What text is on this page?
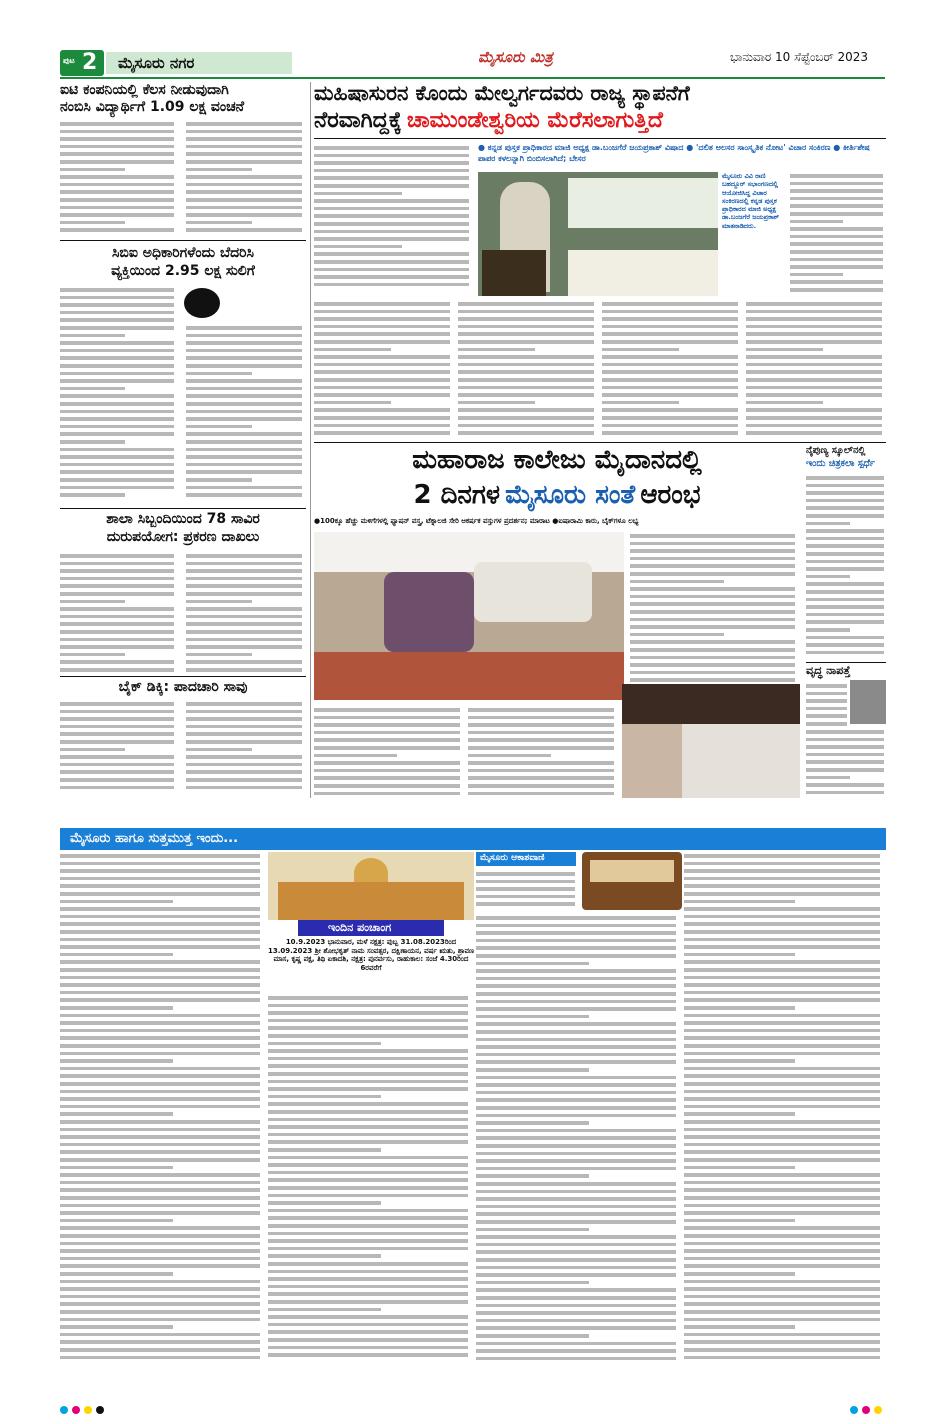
ಪುಟ 2 ಮೈಸೂರು ನಗರ	ಮೈಸೂರು ಮಿತ್ರ	ಭಾನುವಾರ 10 ಸೆಪ್ಟೆಂಬರ್ 2023
ಐಟಿ ಕಂಪನಿಯಲ್ಲಿ ಕೆಲಸ ನೀಡುವುದಾಗಿ
ನಂಬಿಸಿ ವಿದ್ಯಾರ್ಥಿಗೆ 1.09 ಲಕ್ಷ ವಂಚನೆ
ಸಿಬಿಐ ಅಧಿಕಾರಿಗಳೆಂದು ಬೆದರಿಸಿ
ವ್ಯಕ್ತಿಯಿಂದ 2.95 ಲಕ್ಷ ಸುಲಿಗೆ
ಶಾಲಾ ಸಿಬ್ಬಂದಿಯಿಂದ 78 ಸಾವಿರ
ದುರುಪಯೋಗ: ಪ್ರಕರಣ ದಾಖಲು
ಬೈಕ್ ಡಿಕ್ಕಿ: ಪಾದಚಾರಿ ಸಾವು
ಮಹಿಷಾಸುರನ ಕೊಂದು ಮೇಲ್ವರ್ಗದವರು ರಾಜ್ಯ ಸ್ಥಾಪನೆಗೆ
ನೆರವಾಗಿದ್ದಕ್ಕೆ ಚಾಮುಂಡೇಶ್ವರಿಯ ಮೆರೆಸಲಾಗುತ್ತಿದೆ
● ಕನ್ನಡ ಪುಸ್ತಕ ಪ್ರಾಧಿಕಾರದ ಮಾಜಿ ಅಧ್ಯಕ್ಷ ಡಾ.ಬಂಜಗೆರೆ ಜಯಪ್ರಕಾಶ್ ವಿಷಾದ ● 'ದಲಿತ ಅಲಸರ ಸಾಂಸ್ಕೃತಿಕ ನೋಟ' ವಿಚಾರ ಸಂಕಿರಣ ● ಕೀರ್ತಿಶೇಷ ಪಾಪರ ಕಳಲನ್ನಾಗಿ ಬಿಂಬಿಸಲಾಗಿದೆ; ಬೇಸರ
ಮೈಸೂರು ವಿವಿ ರಾಣಿ ಬಹದ್ದೂರ್ ಸಭಾಂಗಣದಲ್ಲಿ ಆಯೋಜಿಸಿದ್ದ ವಿಚಾರ ಸಂಕಿರಣದಲ್ಲಿ ಕನ್ನಡ ಪುಸ್ತಕ ಪ್ರಾಧಿಕಾರದ ಮಾಜಿ ಅಧ್ಯಕ್ಷ ಡಾ.ಬಂಜಗೆರೆ ಜಯಪ್ರಕಾಶ್ ಮಾತನಾಡಿದರು.
ಮಹಾರಾಜ ಕಾಲೇಜು ಮೈದಾನದಲ್ಲಿ
2 ದಿನಗಳ ಮೈಸೂರು ಸಂತೆ ಆರಂಭ
●100ಕ್ಕೂ ಹೆಚ್ಚು ಮಳಿಗೆಗಳಲ್ಲಿ ಫ್ಯಾಷನ್ ವಸ್ತ್ರ, ಟೆಕ್ನಾಲಜಿ ಸೇರಿ ಆಕರ್ಷಕ ವಸ್ತುಗಳ ಪ್ರದರ್ಶನ; ಮಾರಾಟ ●ಐಷಾರಾಮಿ ಕಾರು, ಬೈಕ್‌ಗಳೂ ಲಭ್ಯ
ನೈಪುಣ್ಯ ಸ್ಕೂಲ್‌ನಲ್ಲಿ
ಇಂದು ಚಿತ್ರಕಲಾ ಸ್ಪರ್ಧೆ
ವೃದ್ಧ ನಾಪತ್ತೆ
ಮೈಸೂರು ಹಾಗೂ ಸುತ್ತಮುತ್ತ ಇಂದು...
ಇಂದಿನ ಪಂಚಾಂಗ
10.9.2023 ಭಾನುವಾರ, ಮಳೆ ನಕ್ಷತ್ರ: ಪುಬ್ಬ 31.08.2023ರಿಂದ 13.09.2023 ಶ್ರೀ ಶೋಭಕೃತ್ ನಾಮ ಸಂವತ್ಸರ, ದಕ್ಷಿಣಾಯನ, ವರ್ಷ ಋತು, ಶ್ರಾವಣ ಮಾಸ, ಕೃಷ್ಣ ಪಕ್ಷ, ತಿಥಿ ಏಕಾದಶಿ, ನಕ್ಷತ್ರ: ಪುನರ್ವಸು, ರಾಹುಕಾಲ: ಸಂಜೆ 4.30ರಿಂದ 6ರವರೆಗೆ
ಮೈಸೂರು ಆಕಾಶವಾಣಿ
